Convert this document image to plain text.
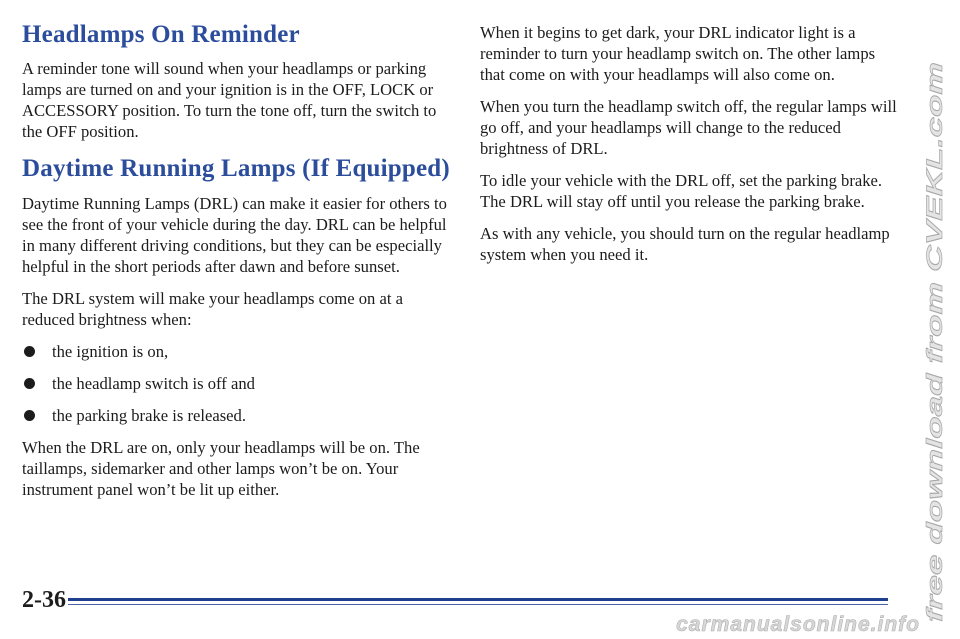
Headlamps On Reminder

A reminder tone will sound when your headlamps or parking lamps are turned on and your ignition is in the OFF, LOCK or ACCESSORY position. To turn the tone off, turn the switch to the OFF position.

Daytime Running Lamps (If Equipped)

Daytime Running Lamps (DRL) can make it easier for others to see the front of your vehicle during the day. DRL can be helpful in many different driving conditions, but they can be especially helpful in the short periods after dawn and before sunset.

The DRL system will make your headlamps come on at a reduced brightness when:

the ignition is on,
the headlamp switch is off and
the parking brake is released.

When the DRL are on, only your headlamps will be on. The taillamps, sidemarker and other lamps won’t be on. Your instrument panel won’t be lit up either.

When it begins to get dark, your DRL indicator light is a reminder to turn your headlamp switch on. The other lamps that come on with your headlamps will also come on.

When you turn the headlamp switch off, the regular lamps will go off, and your headlamps will change to the reduced brightness of DRL.

To idle your vehicle with the DRL off, set the parking brake. The DRL will stay off until you release the parking brake.

As with any vehicle, you should turn on the regular headlamp system when you need it.

2-36	free download from CVEKL.com
carmanualsonline.info
